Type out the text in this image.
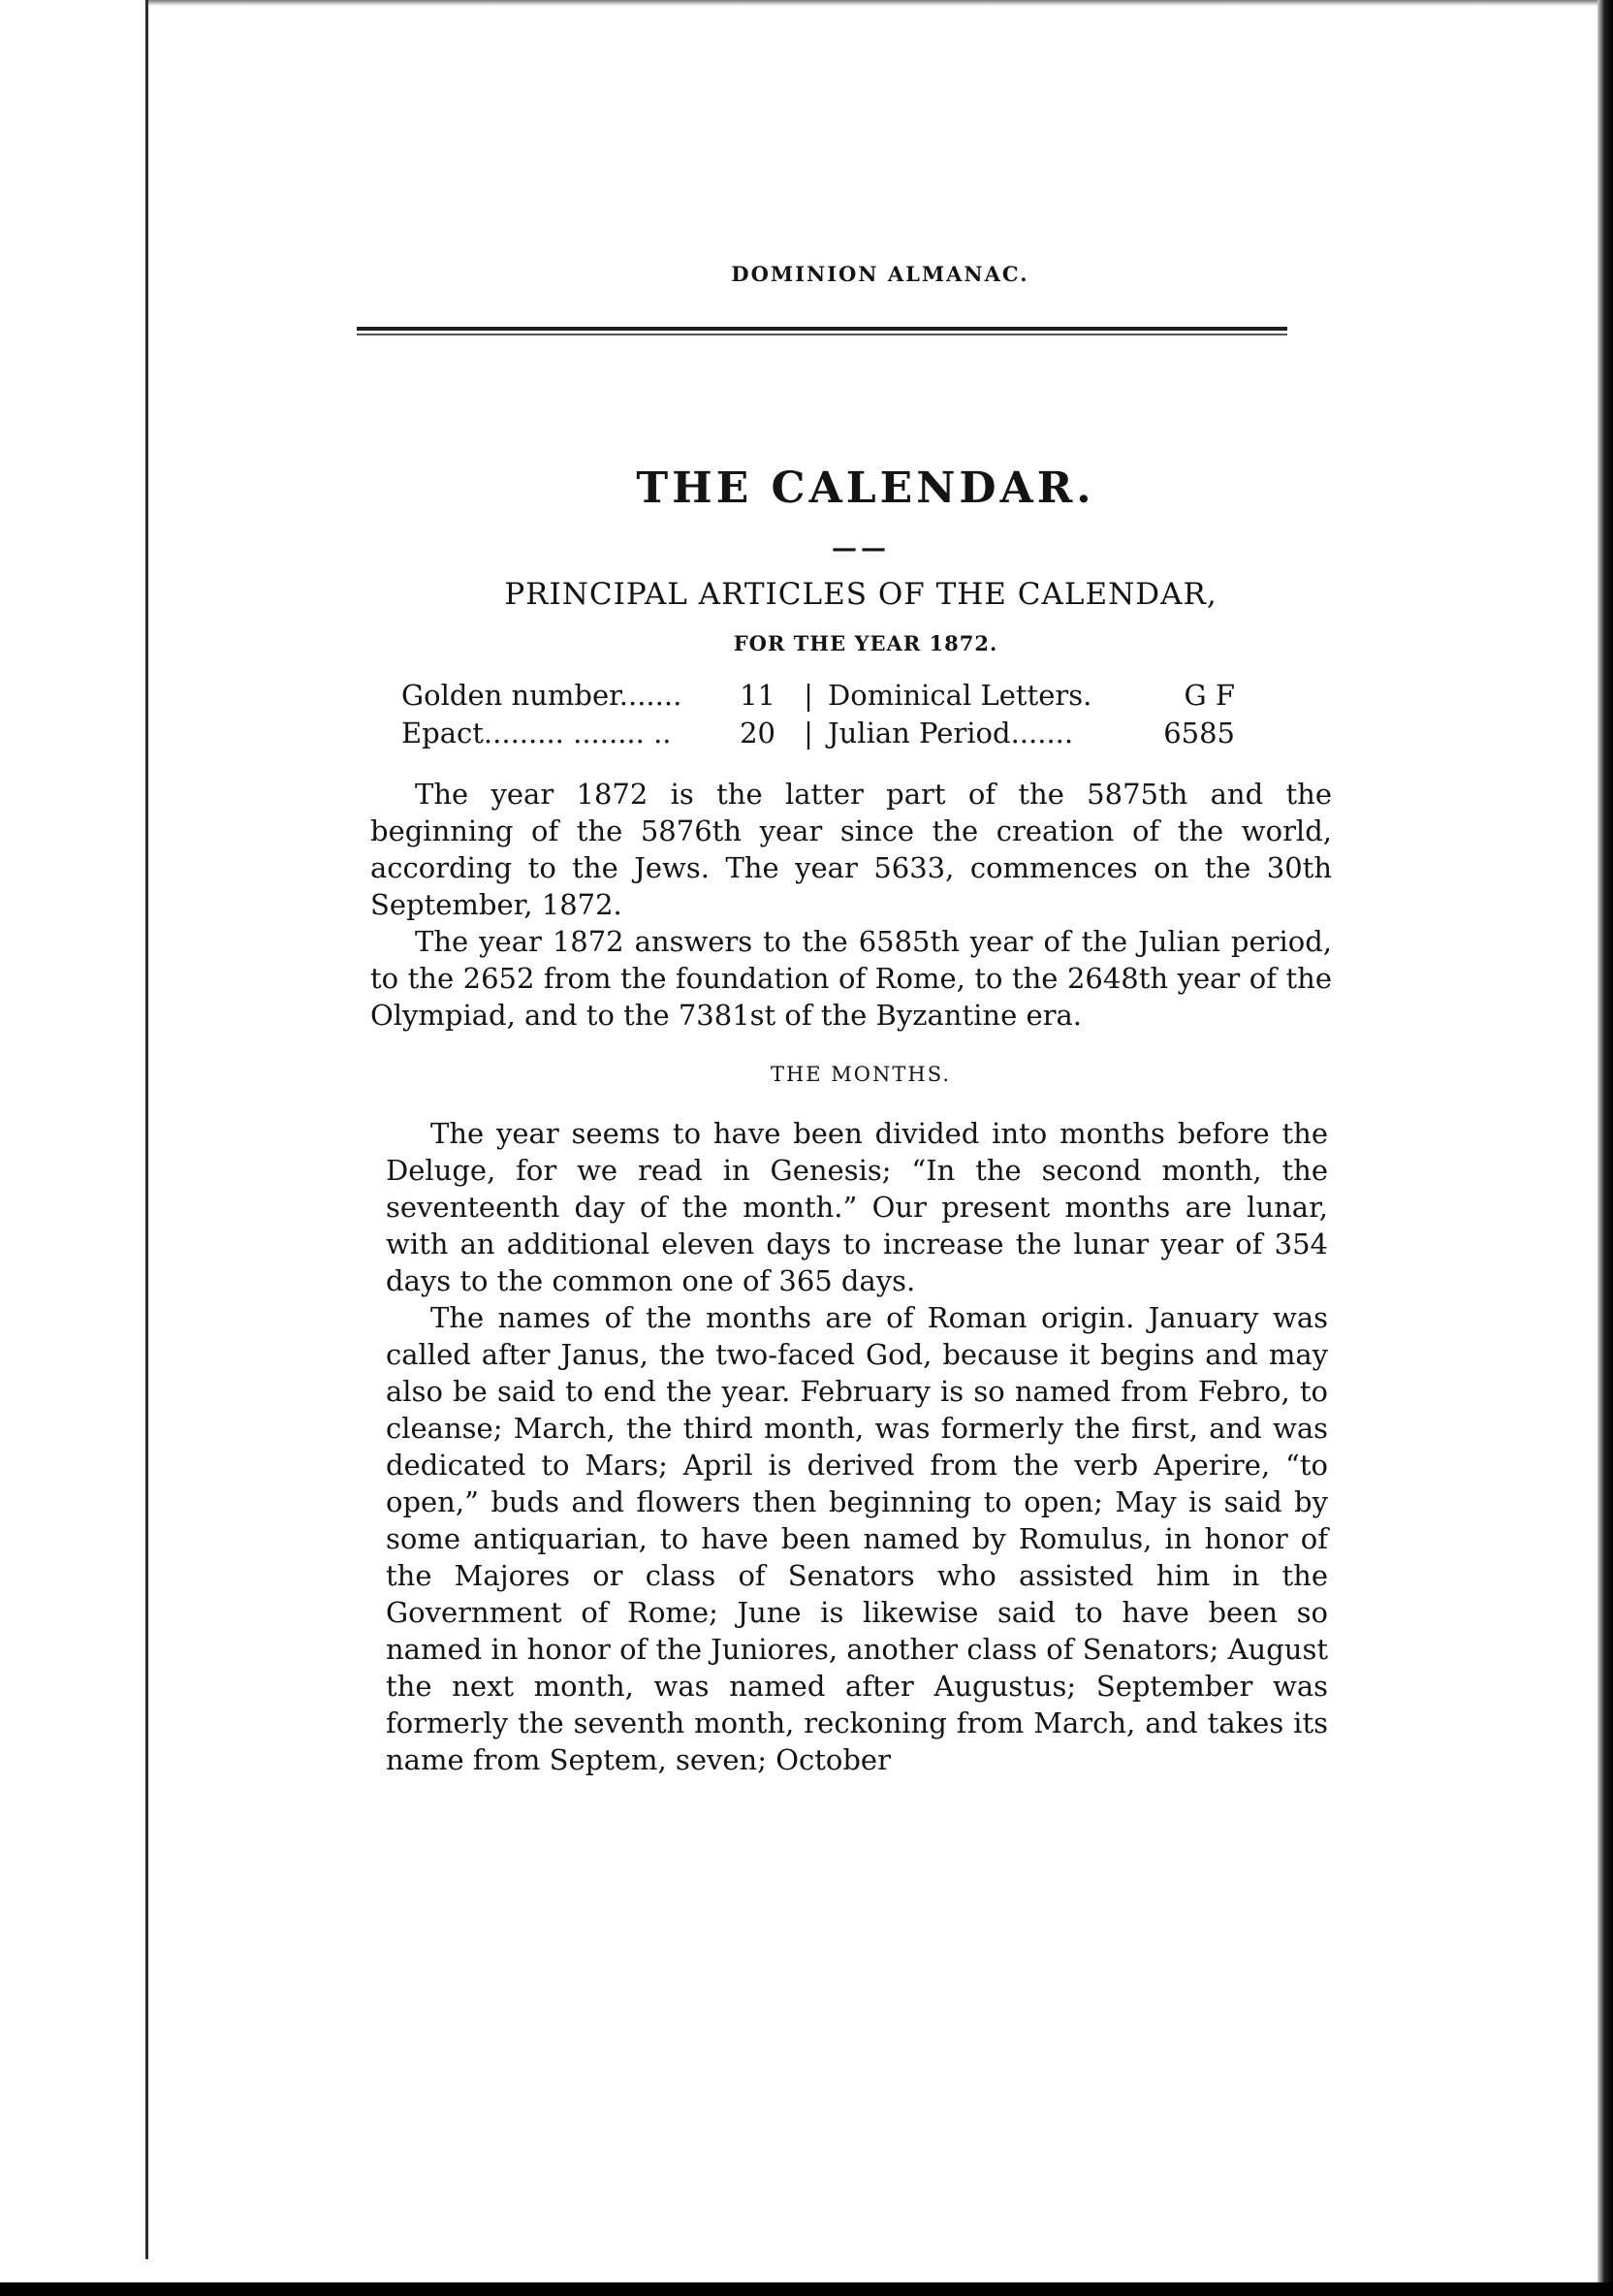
DOMINION ALMANAC.
THE CALENDAR.
——
PRINCIPAL ARTICLES OF THE CALENDAR,
FOR THE YEAR 1872.
Golden number....... 11	| Dominical Letters.	G F
Epact......... ........ .. 20	| Julian Period.......	6585

The year 1872 is the latter part of the 5875th and the beginning of the 5876th year since the creation of the world, according to the Jews. The year 5633, commences on the 30th September, 1872.

The year 1872 answers to the 6585th year of the Julian period, to the 2652 from the foundation of Rome, to the 2648th year of the Olympiad, and to the 7381st of the Byzantine era.

THE MONTHS.

The year seems to have been divided into months before the Deluge, for we read in Genesis; “In the second month, the seventeenth day of the month.” Our present months are lunar, with an additional eleven days to increase the lunar year of 354 days to the common one of 365 days.

The names of the months are of Roman origin. January was called after Janus, the two-faced God, because it begins and may also be said to end the year. February is so named from Febro, to cleanse; March, the third month, was formerly the first, and was dedicated to Mars; April is derived from the verb Aperire, “to open,” buds and flowers then beginning to open; May is said by some antiquarian, to have been named by Romulus, in honor of the Majores or class of Senators who assisted him in the Government of Rome; June is likewise said to have been so named in honor of the Juniores, another class of Senators; August the next month, was named after Augustus; September was formerly the seventh month, reckoning from March, and takes its name from Septem, seven; October
